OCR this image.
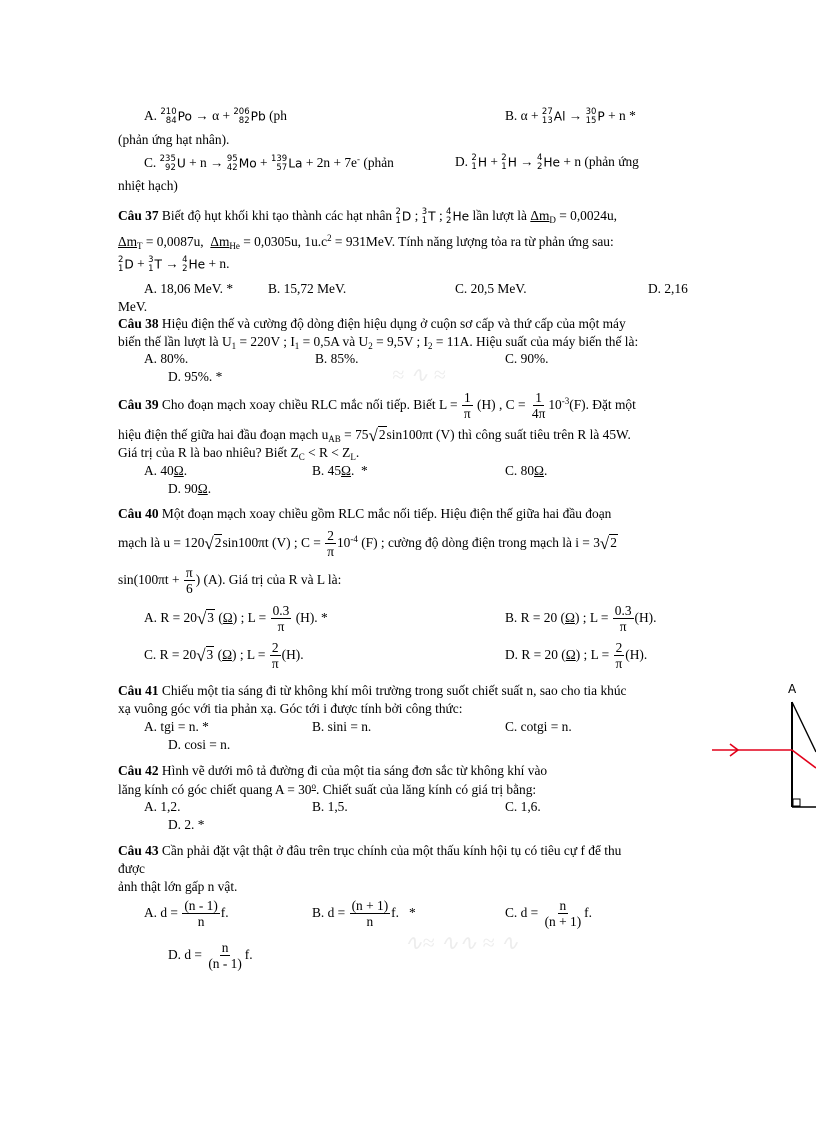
≈ ∿ ≈
∿≈ ∿∿ ≈ ∿
A. 210
84 Po → α + 206
82 Pb (ph	B. α + 27
13 Al → 30
15 P + n *
(phản ứng hạt nhân).
C. 235
92 U + n → 95
42 Mo + 139
57 La + 2n + 7e- (phản	D. 2
1 H + 2
1 H → 4
2 He + n (phản ứng
nhiệt hạch)
Câu 37 Biết độ hụt khối khi tạo thành các hạt nhân 2
1 D ; 3
1 T ; 4
2 He lần lượt là $\Delta m_D = 0,0024u$,
$\Delta m_T = 0,0087u$, $\Delta m_{He} = 0,0305u$, $1u.c^2 = 931MeV$. Tính năng lượng tỏa ra từ phản ứng sau:
2
1 D + 3
1 T → 4
2 He + n.
A. 18,06 MeV. *	B. 15,72 MeV.	C. 20,5 MeV.	D. 2,16
MeV.
Câu 38 Hiệu điện thế và cường độ dòng điện hiệu dụng ở cuộn sơ cấp và thứ cấp của một máy
biến thế lần lượt là $U_1 = 220V$ ; $I_1 = 0,5A$ và $U_2 = 9,5V$ ; $I_2 = 11A$. Hiệu suất của máy biến thế là:
A. 80%.	B. 85%.	C. 90%.
D. 95%. *
Câu 39 Cho đoạn mạch xoay chiều RLC mắc nối tiếp. Biết $L = \frac{1}{\pi} (H)$ , $C = \frac{1}{4\pi} 10^{-3}(F)$. Đặt một
hiệu điện thế giữa hai đầu đoạn mạch $u_{AB} = 75√2\sin 100\pi t$ (V) thì công suất tiêu trên R là 45W.
Giá trị của R là bao nhiêu? Biết $Z_C < R < Z_L$.
A. 40Ω.	B. 45Ω. *	C. 80Ω.
D. 90Ω.
Câu 40 Một đoạn mạch xoay chiều gồm RLC mắc nối tiếp. Hiệu điện thế giữa hai đầu đoạn
mạch là u = 120√2sin100πt (V) ; $C = \frac{2}{\pi} 10^{-4}$ (F) ; cường độ dòng điện trong mạch là i = 3√2
$\sin(100\pi t + \frac{\pi}{6}$ ) (A). Giá trị của R và L là:
A. R = 20√3 (Ω) ; $L = \frac{0.3}{\pi} (H)$. *	B. R = 20 (Ω) ; $L = \frac{0.3}{\pi} (H)$.
C. R = 20√3 (Ω) ; $L = \frac{2}{\pi} (H)$.	D. R = 20 (Ω) ; $L = \frac{2}{\pi} (H)$.
Câu 41 Chiếu một tia sáng đi từ không khí môi trường trong suốt chiết suất n, sao cho tia khúc
xạ vuông góc với tia phản xạ. Góc tới i được tính bởi công thức:
A. tgi = n. *	B. sini = n.	C. cotgi = n.
D. cosi = n.
Câu 42 Hình vẽ dưới mô tả đường đi của một tia sáng đơn sắc từ không khí vào
lăng kính có góc chiết quang $A = 30^o$. Chiết suất của lăng kính có giá trị bằng:
A. 1,2.	B. 1,5.	C. 1,6.
D. 2. *
A
Câu 43 Cần phải đặt vật thật ở đâu trên trục chính của một thấu kính hội tụ có tiêu cự f để thu
được
ảnh thật lớn gấp n vật.
A. $d = \frac{(n - 1)}{n} f$.	B. $d = \frac{(n + 1)}{n} f$. *	C. $d = \frac{n}{(n + 1)} f$.
D. $d = \frac{n}{(n - 1)} f$.
